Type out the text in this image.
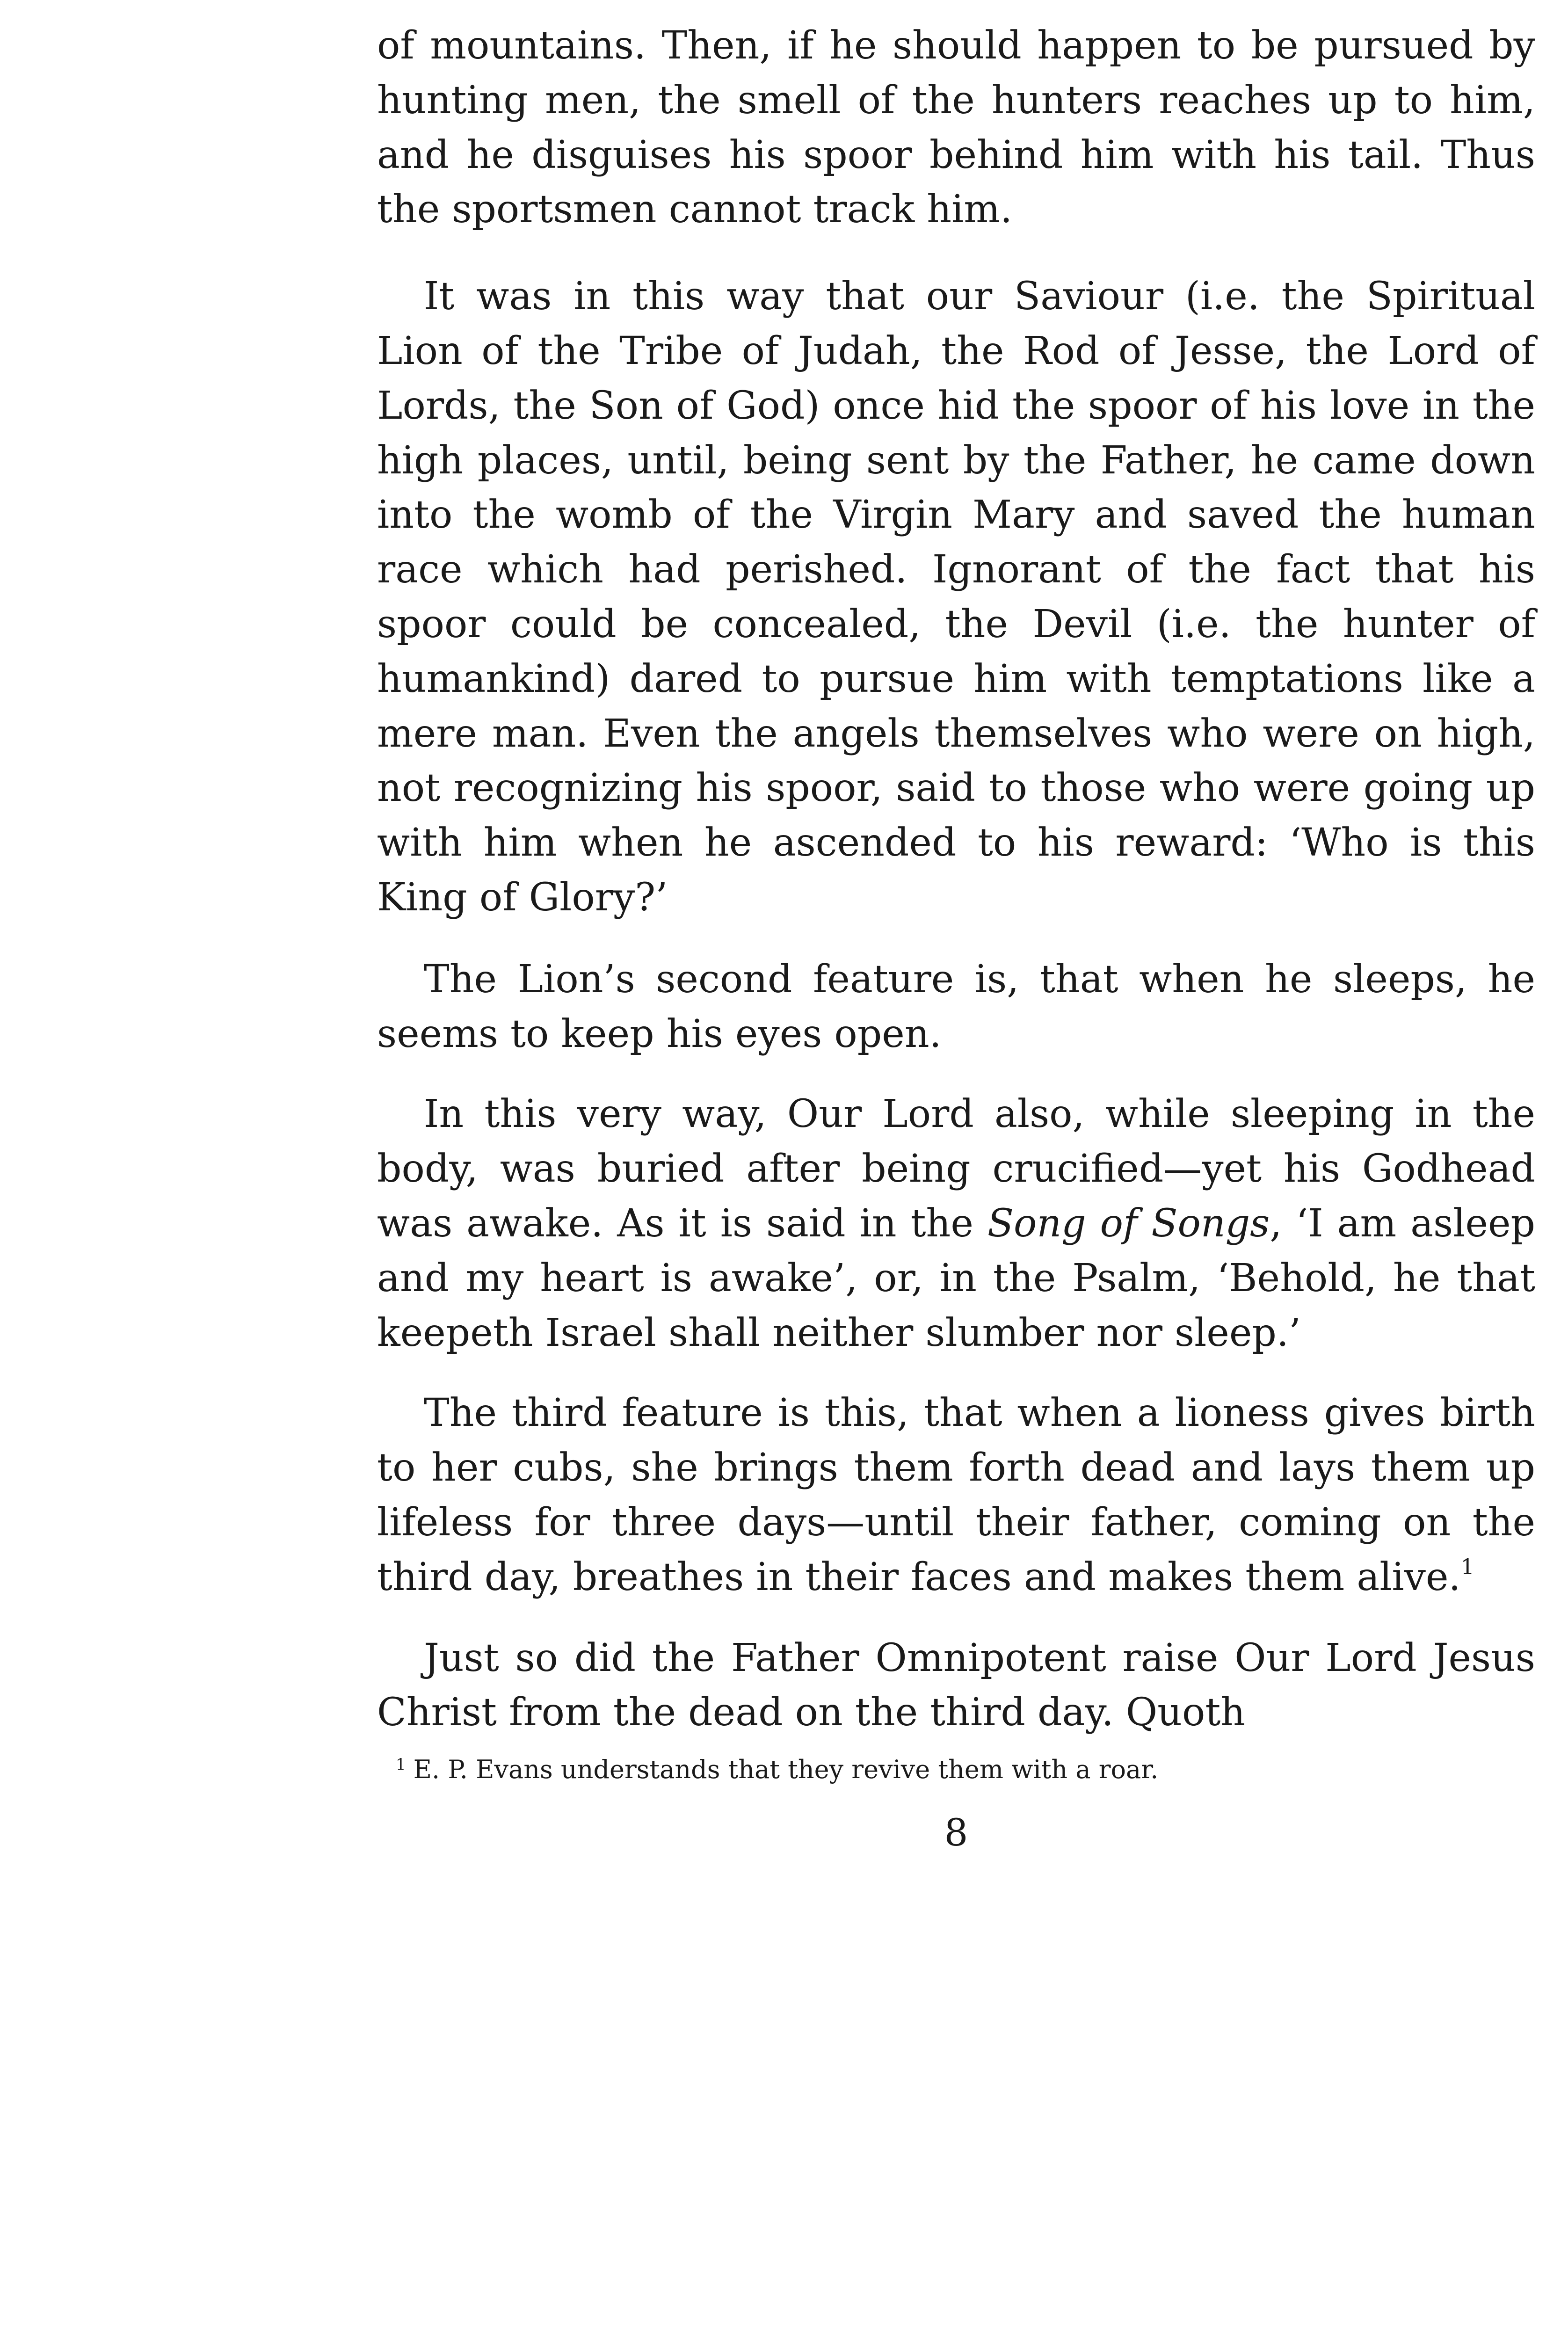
of mountains. Then, if he should happen to be pursued by hunting men, the smell of the hunters reaches up to him, and he disguises his spoor behind him with his tail. Thus the sportsmen cannot track him.

It was in this way that our Saviour (i.e. the Spiritual Lion of the Tribe of Judah, the Rod of Jesse, the Lord of Lords, the Son of God) once hid the spoor of his love in the high places, until, being sent by the Father, he came down into the womb of the Virgin Mary and saved the human race which had perished. Ignorant of the fact that his spoor could be concealed, the Devil (i.e. the hunter of humankind) dared to pursue him with temptations like a mere man. Even the angels themselves who were on high, not recognizing his spoor, said to those who were going up with him when he ascended to his reward: ‘Who is this King of Glory?’

The Lion’s second feature is, that when he sleeps, he seems to keep his eyes open.

In this very way, Our Lord also, while sleeping in the body, was buried after being crucified—yet his Godhead was awake. As it is said in the Song of Songs, ‘I am asleep and my heart is awake’, or, in the Psalm, ‘Behold, he that keepeth Israel shall neither slumber nor sleep.’

The third feature is this, that when a lioness gives birth to her cubs, she brings them forth dead and lays them up lifeless for three days—until their father, coming on the third day, breathes in their faces and makes them alive.$^1$

Just so did the Father Omnipotent raise Our Lord Jesus Christ from the dead on the third day. Quoth

$^1$ E. P. Evans understands that they revive them with a roar.
8
